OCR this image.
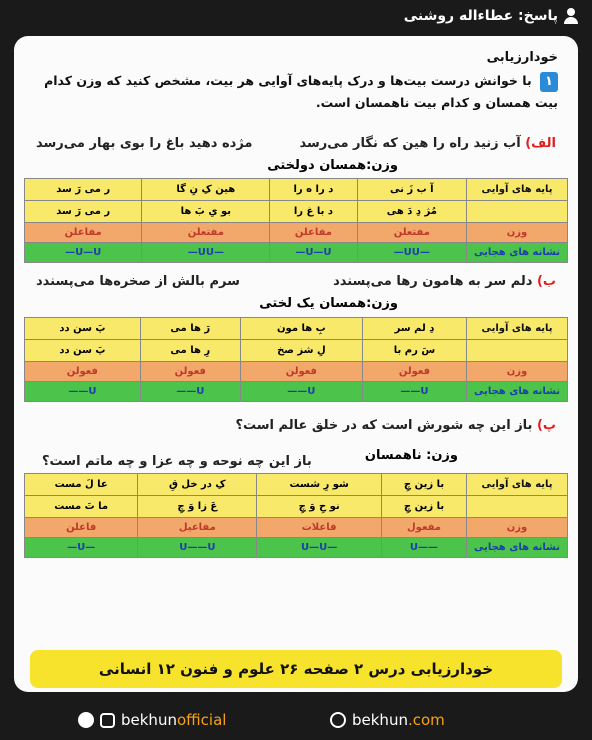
پاسخ: عطاءاله روشنی
خودارزیابی
۱ با خوانش درست بیت‌ها و درک پایه‌های آوایی هر بیت، مشخص کنید که وزن کدام بیت همسان و کدام بیت ناهمسان است.
الف) آب زنید راه را هین که نگار می‌رسد
مژده دهید باغ را بوی بهار می‌رسد
وزن:همسان دولختی
پایه های آوایی	آ ب زَ نی	د را ه را	هین کِ نِ گا	ر می رَ سد
	مُژ دِ دَ هی	د با غ را	بو یِ بَ ها	ر می رَ سد
وزن	مفتعلن	مفاعلن	مفتعلن	مفاعلن
نشانه های هجایی	—UU—	U—U—	—UU—	U—U—
ب) دلم سر به هامون رها می‌پسندد
سرم بالش از صخره‌ها می‌پسندد
وزن:همسان یک لختی
پایه های آوایی	دِ لم سر	بِ ها مون	رَ ها می	پَ سن دد
	سَ رم با	لِ شز صخ	رِ ها می	پَ سن دد
وزن	فعولن	فعولن	فعولن	فعولن
نشانه های هجایی	U——	U——	U——	U——
پ) باز این چه شورش است که در خلق عالم است؟
باز این چه نوحه و چه عزا و چه ماتم است؟	وزن: ناهمسان
پایه های آوایی	با زین چِ	شو رِ شست	کِ در خل قِ	عا لَ مست
	با زین چِ	نو حِ وَ چِ	عَ زا وَ چِ	ما تَ مست
وزن	مفعول	فاعلات	مفاعیل	فاعلن
نشانه های هجایی	——U	—U—U	U——U	—U—
خودارزیابی درس ۲ صفحه ۲۶ علوم و فنون ۱۲ انسانی
bekhunofficial	bekhun.com
